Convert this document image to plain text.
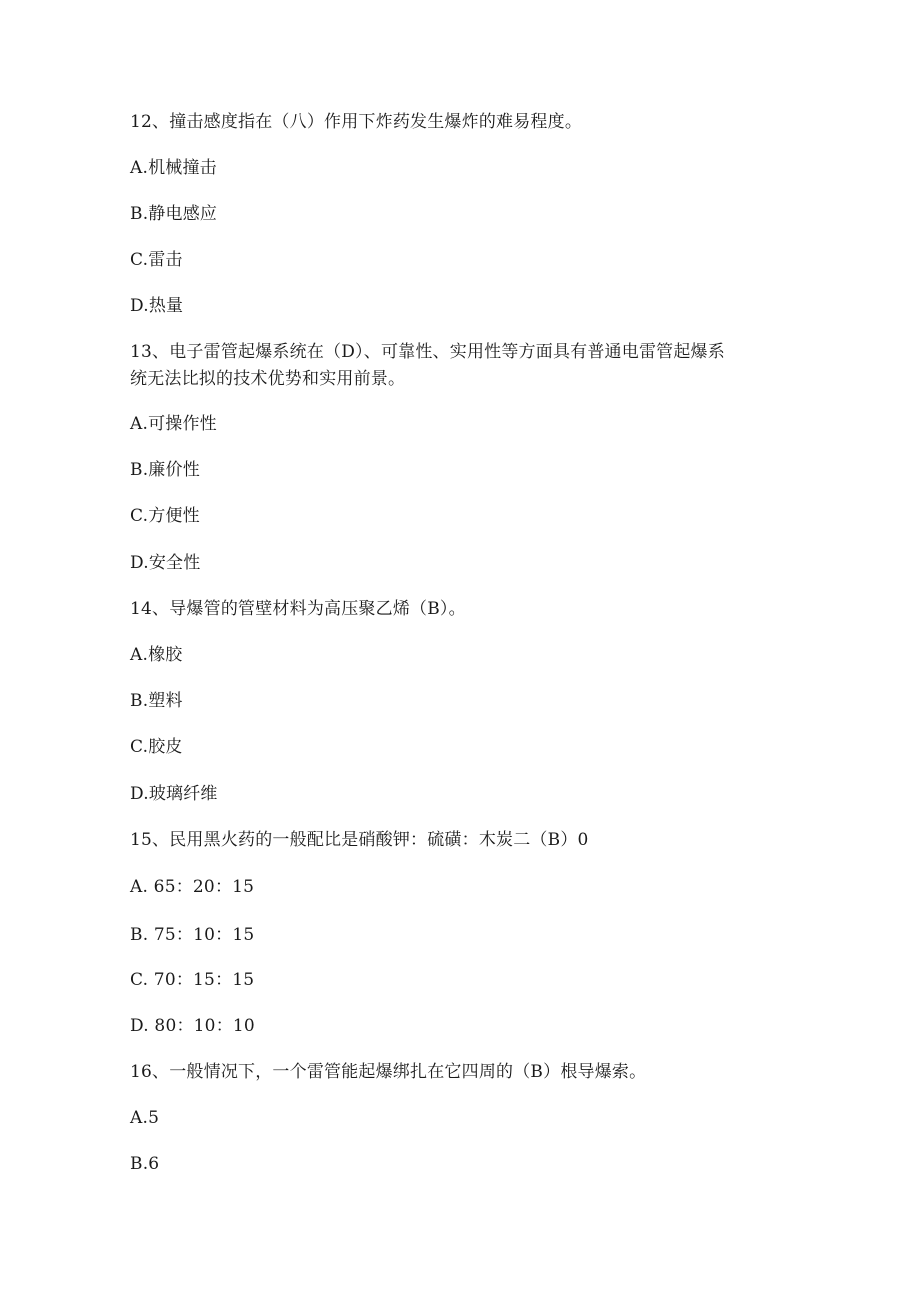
12、撞击感度指在（八）作用下炸药发生爆炸的难易程度。
A.机械撞击
B.静电感应
C.雷击
D.热量
13、电子雷管起爆系统在（D）、可靠性、实用性等方面具有普通电雷管起爆系
统无法比拟的技术优势和实用前景。
A.可操作性
B.廉价性
C.方便性
D.安全性
14、导爆管的管壁材料为高压聚乙烯（B）。
A.橡胶
B.塑料
C.胶皮
D.玻璃纤维
15、民用黑火药的一般配比是硝酸钾：硫磺：木炭二（B）0
A. 65：20：15
B. 75：10：15
C. 70：15：15
D. 80：10：10
16、一般情况下，一个雷管能起爆绑扎在它四周的（B）根导爆索。
A.5
B.6
